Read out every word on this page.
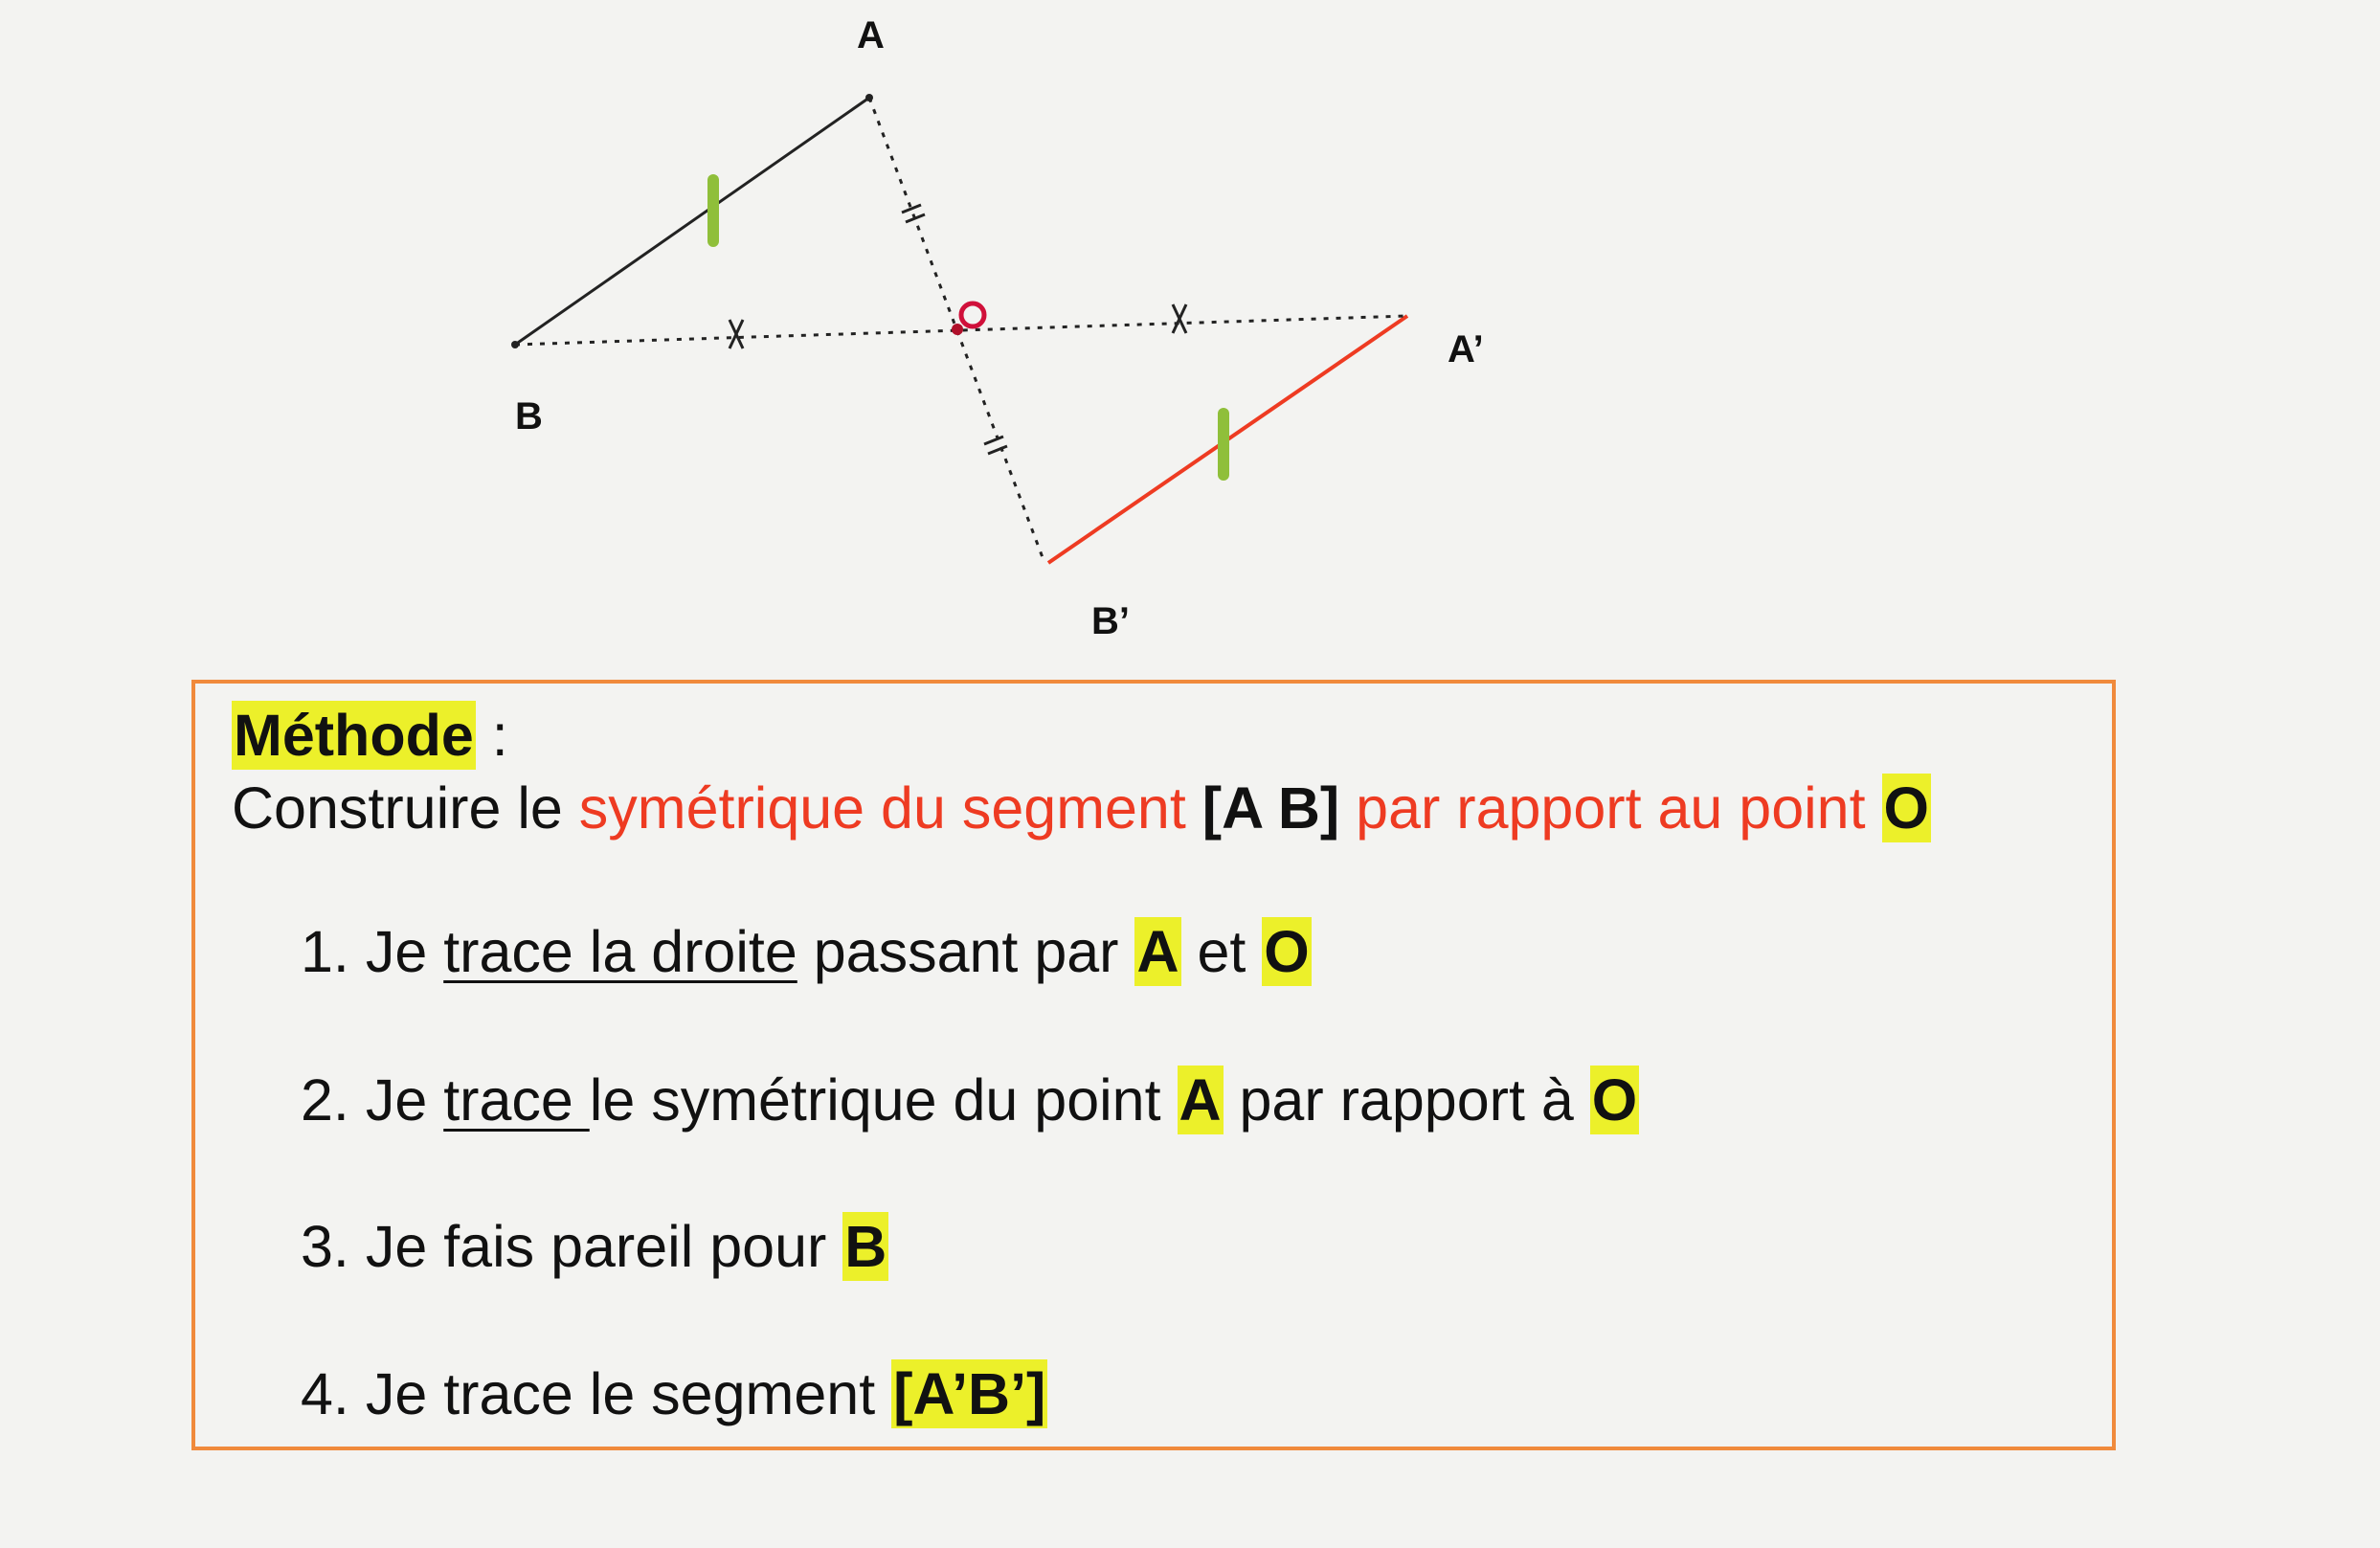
A
B
A’
B’
Méthode :
Construire le symétrique du segment [A B] par rapport au point O
1. Je trace la droite passant par A et O
2. Je trace le symétrique du point A par rapport à O
3. Je fais pareil pour B
4. Je trace le segment [A’B’]
